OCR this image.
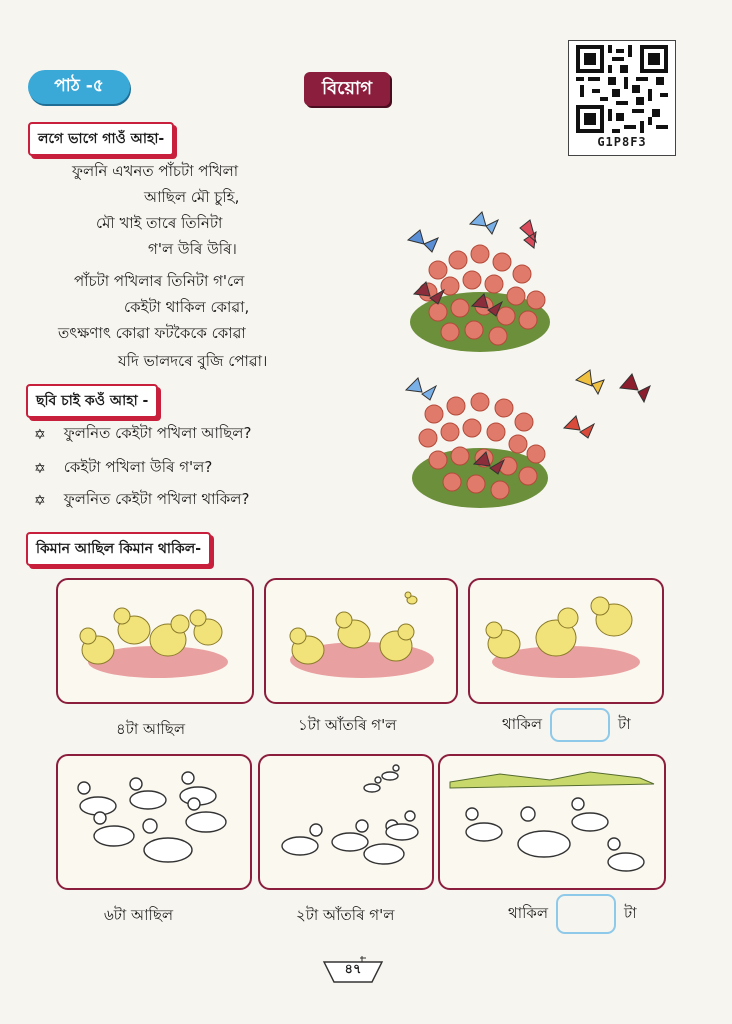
পাঠ -৫	বিয়োগ
G1P8F3
লগে ভাগে গাওঁ আহা-
ফুলনি এখনত পাঁচটা পখিলা
আছিল মৌ চুহি,
মৌ খাই তাৰে তিনিটা
গ'ল উৰি উৰি।
পাঁচটা পখিলাৰ তিনিটা গ'লে
কেইটা থাকিল কোৱা,
তৎক্ষণাৎ কোৱা ফটকৈকে কোৱা
যদি ভালদৰে বুজি পোৱা।
ছবি চাই কওঁ আহা -
✡ ফুলনিত কেইটা পখিলা আছিল?
✡ কেইটা পখিলা উৰি গ'ল?
✡ ফুলনিত কেইটা পখিলা থাকিল?
কিমান আছিল কিমান থাকিল-
৪টা আছিল	১টা আঁতৰি গ'ল	থাকিল	টা
৬টা আছিল	২টা আঁতৰি গ'ল	থাকিল	টা
৪৭
